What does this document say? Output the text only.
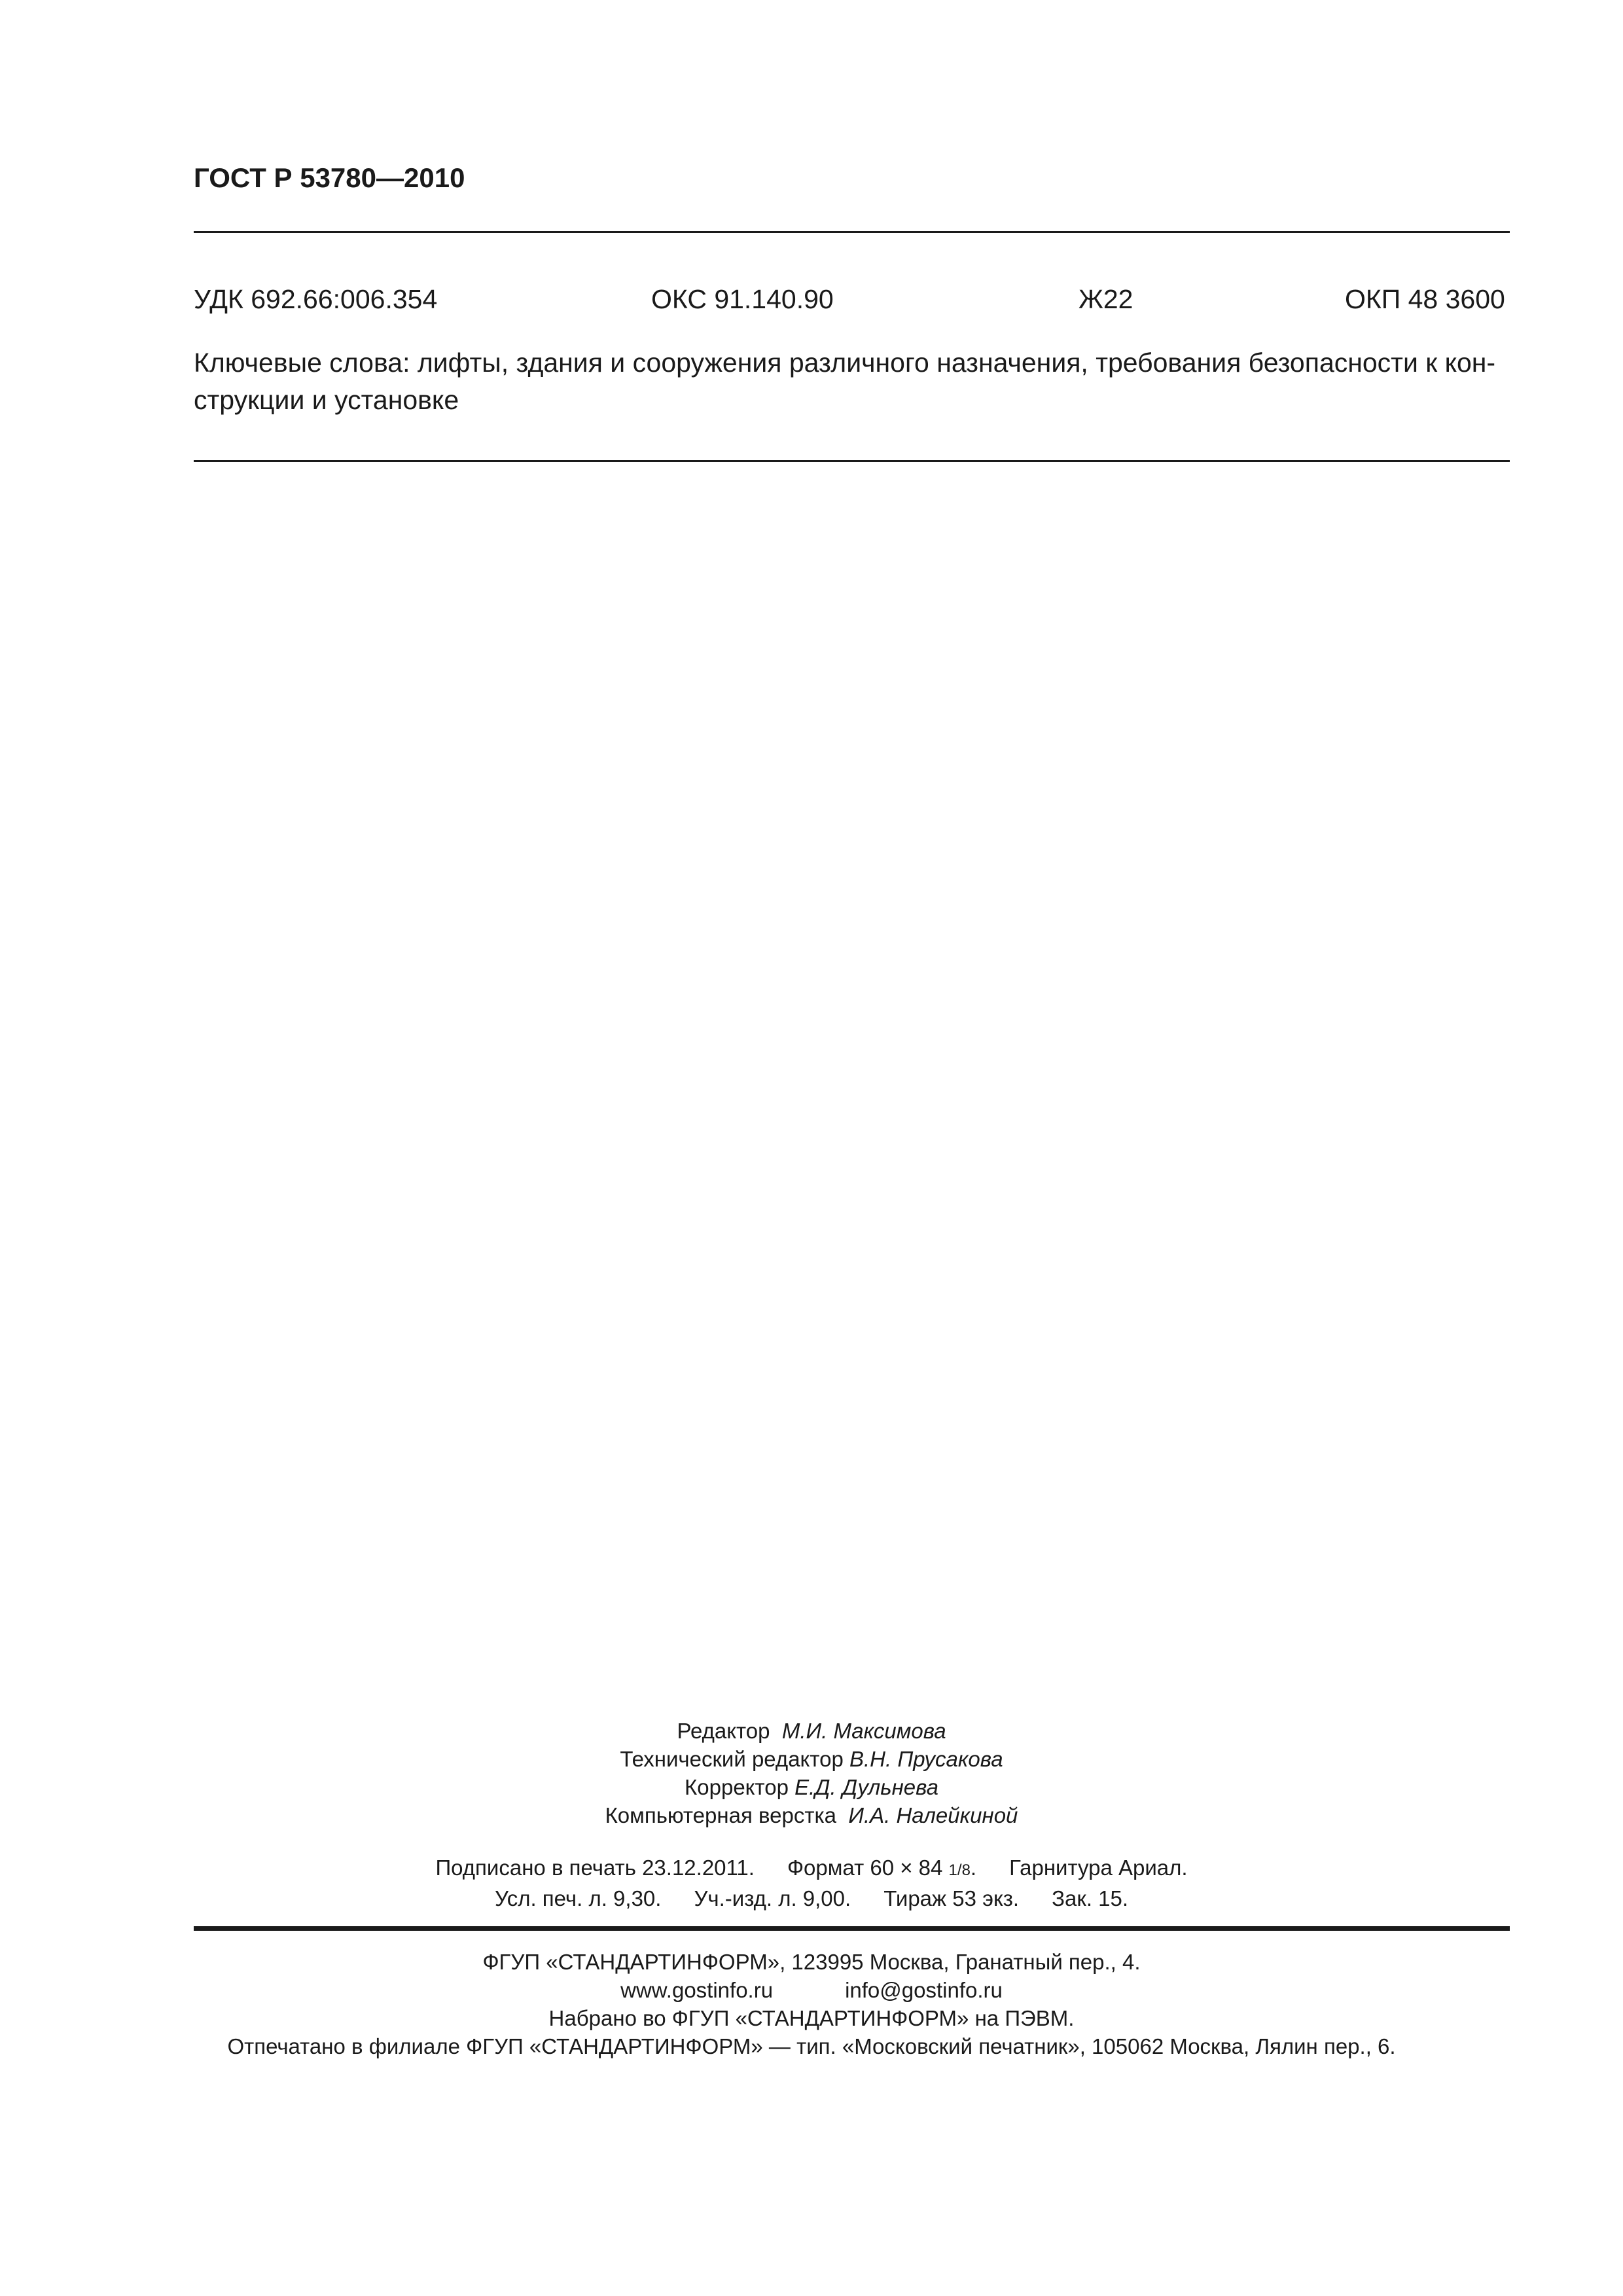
ГОСТ Р 53780—2010
УДК 692.66:006.354	ОКС 91.140.90	Ж22	ОКП 48 3600
Ключевые слова: лифты, здания и сооружения различного назначения, требования безопасности к кон-
струкции и установке
Редактор М.И. Максимова
Технический редактор В.Н. Прусакова
Корректор Е.Д. Дульнева
Компьютерная верстка И.А. Налейкиной
Подписано в печать 23.12.2011. Формат 60 × 84 1/8. Гарнитура Ариал.
Усл. печ. л. 9,30. Уч.-изд. л. 9,00. Тираж 53 экз. Зак. 15.
ФГУП «СТАНДАРТИНФОРМ», 123995 Москва, Гранатный пер., 4.
www.gostinfo.ru	info@gostinfo.ru
Набрано во ФГУП «СТАНДАРТИНФОРМ» на ПЭВМ.
Отпечатано в филиале ФГУП «СТАНДАРТИНФОРМ» — тип. «Московский печатник», 105062 Москва, Лялин пер., 6.
